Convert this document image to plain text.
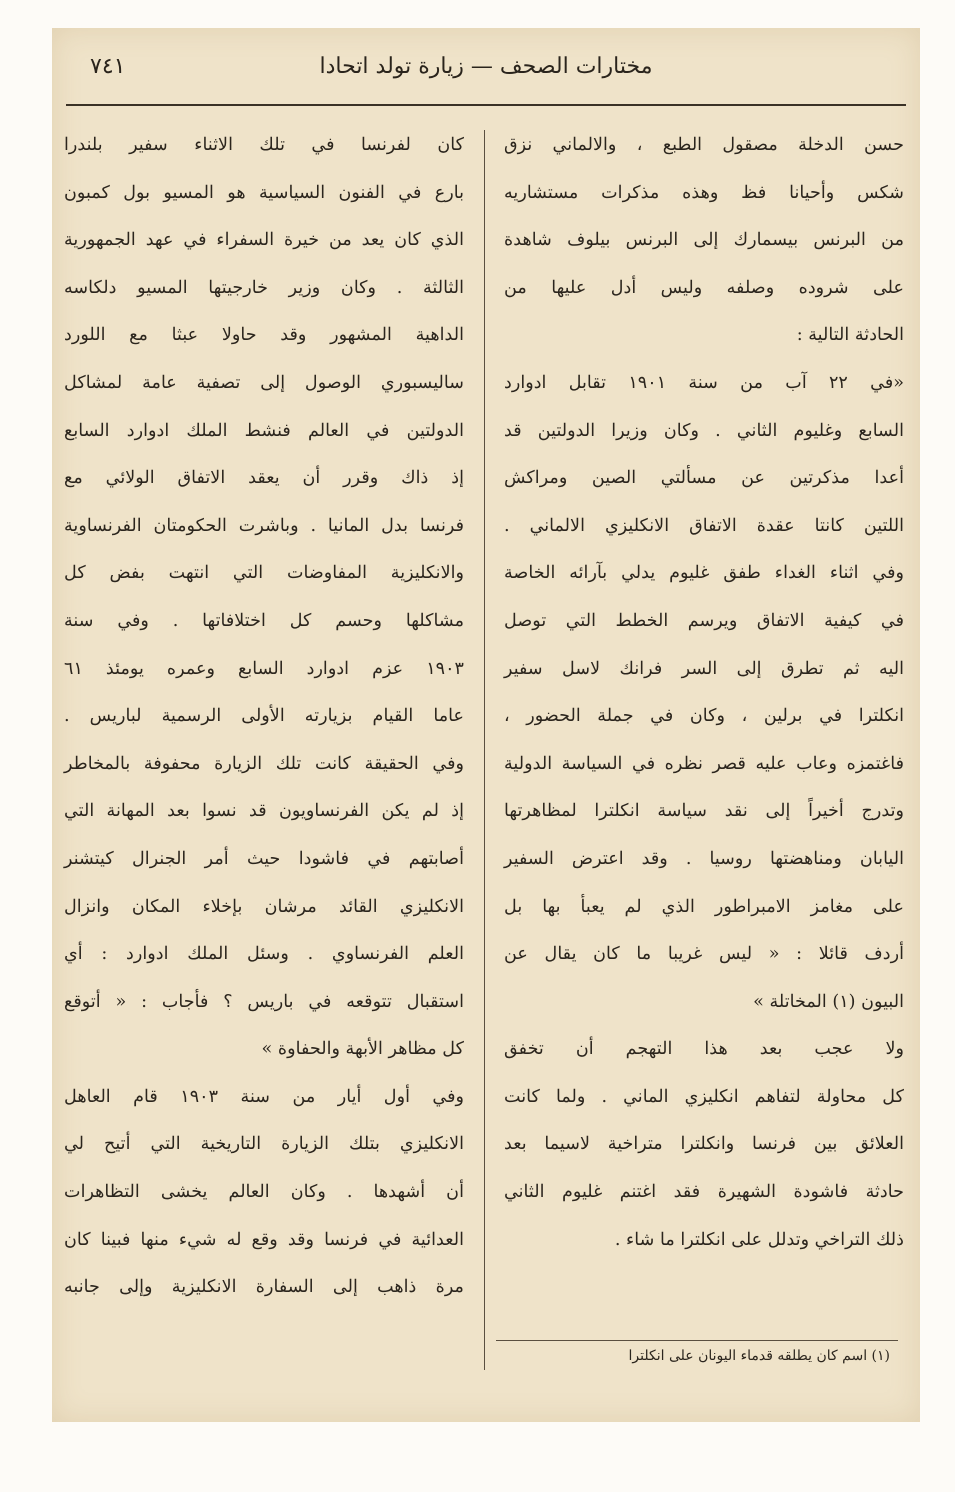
مختارات الصحف — زيارة تولد اتحادا
٧٤١

حسن الدخلة مصقول الطبع ، والالماني نزق

شكس وأحيانا فظ وهذه مذكرات مستشاريه

من البرنس بيسمارك إلى البرنس بيلوف شاهدة

على شروده وصلفه وليس أدل عليها من

الحادثة التالية :

«في ٢٢ آب من سنة ١٩٠١ تقابل ادوارد

السابع وغليوم الثاني . وكان وزيرا الدولتين قد

أعدا مذكرتين عن مسألتي الصين ومراكش

اللتين كانتا عقدة الاتفاق الانكليزي الالماني .

وفي اثناء الغداء طفق غليوم يدلي بآرائه الخاصة

في كيفية الاتفاق ويرسم الخطط التي توصل

اليه ثم تطرق إلى السر فرانك لاسل سفير

انكلترا في برلين ، وكان في جملة الحضور ،

فاغتمزه وعاب عليه قصر نظره في السياسة الدولية

وتدرج أخيراً إلى نقد سياسة انكلترا لمظاهرتها

اليابان ومناهضتها روسيا . وقد اعترض السفير

على مغامز الامبراطور الذي لم يعبأ بها بل

أردف قائلا : « ليس غريبا ما كان يقال عن

البيون (١) المخاتلة »

ولا عجب بعد هذا التهجم أن تخفق

كل محاولة لتفاهم انكليزي الماني . ولما كانت

العلائق بين فرنسا وانكلترا متراخية لاسيما بعد

حادثة فاشودة الشهيرة فقد اغتنم غليوم الثاني

ذلك التراخي وتدلل على انكلترا ما شاء .

كان لفرنسا في تلك الاثناء سفير بلندرا

بارع في الفنون السياسية هو المسيو بول كمبون

الذي كان يعد من خيرة السفراء في عهد الجمهورية

الثالثة . وكان وزير خارجيتها المسيو دلكاسه

الداهية المشهور وقد حاولا عبثا مع اللورد

ساليسبوري الوصول إلى تصفية عامة لمشاكل

الدولتين في العالم فنشط الملك ادوارد السابع

إذ ذاك وقرر أن يعقد الاتفاق الولائي مع

فرنسا بدل المانيا . وباشرت الحكومتان الفرنساوية

والانكليزية المفاوضات التي انتهت بفض كل

مشاكلها وحسم كل اختلافاتها . وفي سنة

١٩٠٣ عزم ادوارد السابع وعمره يومئذ ٦١

عاما القيام بزيارته الأولى الرسمية لباريس .

وفي الحقيقة كانت تلك الزيارة محفوفة بالمخاطر

إذ لم يكن الفرنساويون قد نسوا بعد المهانة التي

أصابتهم في فاشودا حيث أمر الجنرال كيتشنر

الانكليزي القائد مرشان بإخلاء المكان وانزال

العلم الفرنساوي . وسئل الملك ادوارد : أي

استقبال تتوقعه في باريس ؟ فأجاب : « أتوقع

كل مظاهر الأبهة والحفاوة »

وفي أول أيار من سنة ١٩٠٣ قام العاهل

الانكليزي بتلك الزيارة التاريخية التي أتيح لي

أن أشهدها . وكان العالم يخشى التظاهرات

العدائية في فرنسا وقد وقع له شيء منها فبينا كان

مرة ذاهب إلى السفارة الانكليزية وإلى جانبه

(١) اسم كان يطلقه قدماء اليونان على انكلترا
